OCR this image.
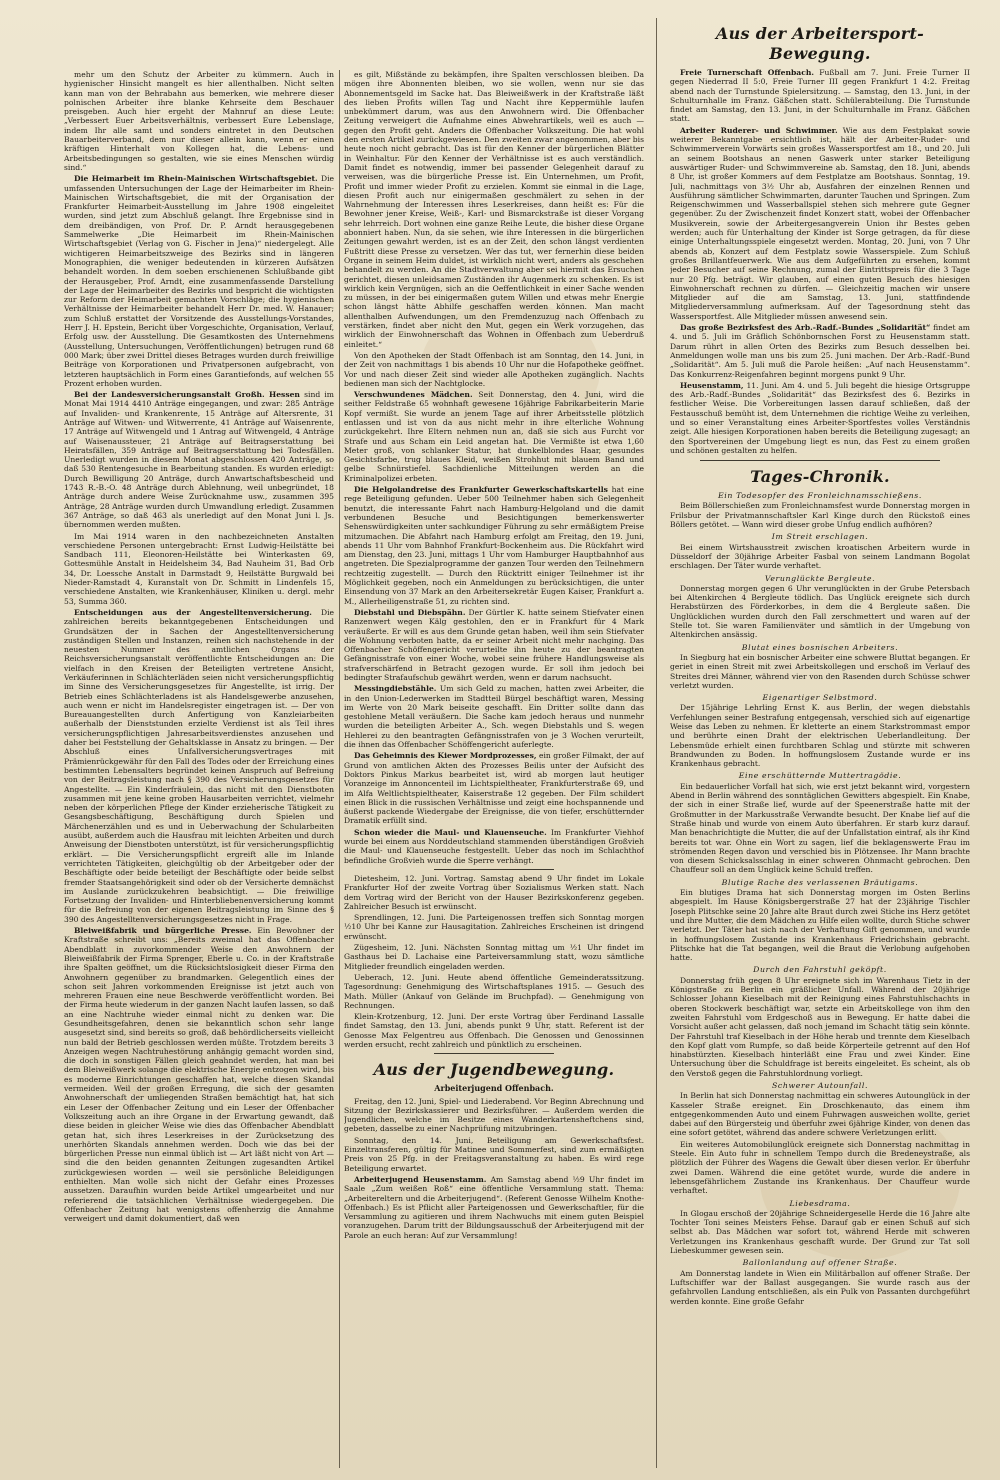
mehr um den Schutz der Arbeiter zu kümmern. Auch in hygienischer Hinsicht mangelt es hier allenthalben. Nicht selten kann man von der Behrabahn aus bemerken, wie mehrere dieser polnischen Arbeiter ihre blanke Kehrseite dem Beschauer preisgeben. Auch hier ergeht der Mahnruf an diese Leute: „Verbessert Euer Arbeitsverhältnis, verbessert Eure Lebenslage, indem Ihr alle samt und sonders eintretet in den Deutschen Bauarbeiterverband, dem nur dieser allein kann, wenn er einen kräftigen Hinterhalt von Kollegen hat, die Lebens- und Arbeitsbedingungen so gestalten, wie sie eines Menschen würdig sind.“

Die Heimarbeit im Rhein-Mainischen Wirtschaftsgebiet. Die umfassenden Untersuchungen der Lage der Heimarbeiter im Rhein-Mainischen Wirtschaftsgebiet, die mit der Organisation der Frankfurter Heimarbeit-Ausstellung im Jahre 1908 eingeleitet wurden, sind jetzt zum Abschluß gelangt. Ihre Ergebnisse sind in dem dreibändigen, von Prof. Dr. P. Arndt herausgegebenen Sammelwerke „Die Heimarbeit im Rhein-Mainischen Wirtschaftsgebiet (Verlag von G. Fischer in Jena)“ niedergelegt. Alle wichtigeren Heimarbeitszweige des Bezirks sind in längeren Monographien, die weniger bedeutenden in kürzeren Aufsätzen behandelt worden. In dem soeben erschienenen Schlußbande gibt der Herausgeber, Prof. Arndt, eine zusammenfassende Darstellung der Lage der Heimarbeiter des Bezirks und bespricht die wichtigsten zur Reform der Heimarbeit gemachten Vorschläge; die hygienischen Verhältnisse der Heimarbeiter behandelt Herr Dr. med. W. Hanauer; zum Schluß erstattet der Vorsitzende des Ausstellungs-Vorstandes, Herr J. H. Epstein, Bericht über Vorgeschichte, Organisation, Verlauf, Erfolg usw. der Ausstellung. Die Gesamtkosten des Unternehmens (Ausstellung, Untersuchungen, Veröffentlichungen) betrugen rund 68 000 Mark; über zwei Drittel dieses Betrages wurden durch freiwillige Beiträge von Korporationen und Privatpersonen aufgebracht, von letzteren hauptsächlich in Form eines Garantiefonds, auf welchen 55 Prozent erhoben wurden.

Bei der Landesversicherungsanstalt Großh. Hessen sind im Monat Mai 1914 4410 Anträge eingegangen, und zwar: 285 Anträge auf Invaliden- und Krankenrente, 15 Anträge auf Altersrente, 31 Anträge auf Witwen- und Witwerrente, 41 Anträge auf Waisenrente, 17 Anträge auf Witwengeld und 1 Antrag auf Witwengeld, 4 Anträge auf Waisenaussteuer, 21 Anträge auf Beitragserstattung bei Heiratsfällen, 359 Anträge auf Beitragserstattung bei Todesfällen. Unerledigt wurden in diesem Monat abgeschlossen 420 Anträge, so daß 530 Rentengesuche in Bearbeitung standen. Es wurden erledigt: Durch Bewilligung 20 Anträge, durch Anwartschaftsbescheid und 1743 R.-B.-O. 48 Anträge durch Ablehnung, weil unbegründet, 18 Anträge durch andere Weise Zurücknahme usw., zusammen 395 Anträge, 28 Anträge wurden durch Umwandlung erledigt. Zusammen 367 Anträge, so daß 463 als unerledigt auf den Monat Juni l. Js. übernommen werden mußten.

Im Mai 1914 waren in den nachbezeichneten Anstalten verschiedene Personen untergebracht: Ernst Ludwig-Heilstätte bei Sandbach 111, Eleonoren-Heilstätte bei Winterkasten 69, Gottesmühle Anstalt in Heidelsheim 34, Bad Nauheim 31, Bad Orb 34, Dr. Loessche Anstalt in Darmstadt 9, Heilstätte Burgwald bei Nieder-Ramstadt 4, Kuranstalt von Dr. Schmitt in Lindenfels 15, verschiedene Anstalten, wie Krankenhäuser, Kliniken u. dergl. mehr 53, Summa 360.

Entscheidungen aus der Angestelltenversicherung. Die zahlreichen bereits bekanntgegebenen Entscheidungen und Grundsätzen der in Sachen der Angestelltenversicherung zuständigen Stellen und Instanzen, reihen sich nachstehende in der neuesten Nummer des amtlichen Organs der Reichsversicherungsanstalt veröffentlichte Entscheidungen an: Die vielfach in den Kreisen der Beteiligten vertretene Ansicht, Verkäuferinnen in Schlächterläden seien nicht versicherungspflichtig im Sinne des Versicherungsgesetzes für Angestellte, ist irrig. Der Betrieb eines Schlächterladens ist als Handelsgewerbe anzusehen, auch wenn er nicht im Handelsregister eingetragen ist. — Der von Bureauangestellten durch Anfertigung von Kanzleiarbeiten außerhalb der Dienststunden erzielte Verdienst ist als Teil ihres versicherungspflichtigen Jahresarbeitsverdienstes anzusehen und daher bei Feststellung der Gehaltsklasse in Ansatz zu bringen. — Der Abschluß eines Unfallversicherungsvertrages mit Prämienrückgewähr für den Fall des Todes oder der Erreichung eines bestimmten Lebensalters begründet keinen Anspruch auf Befreiung von der Beitragsleistung nach § 390 des Versicherungsgesetzes für Angestellte. — Ein Kinderfräulein, das nicht mit den Dienstboten zusammen mit jene keine groben Hausarbeiten verrichtet, vielmehr neben der körperlichen Pflege der Kinder erzieherische Tätigkeit zu Gesangsbeschäftigung, Beschäftigung durch Spielen und Märchenerzählen und es und in Ueberwachung der Schularbeiten ausübt, außerdem auch die Hausfrau mit leichten Arbeiten und durch Anweisung der Dienstboten unterstützt, ist für versicherungspflichtig erklärt. — Die Versicherungspflicht ergreift alle im Inlande verrichteten Tätigkeiten, gleichgültig ob der Arbeitgeber oder der Beschäftigte oder beide beteiligt der Beschäftigte oder beide selbst fremder Staatsangehörigkeit sind oder ob der Versicherte demnächst im Auslande zurückzukehren beabsichtigt. — Die freiwillige Fortsetzung der Invaliden- und Hinterbliebenenversicherung kommt für die Befreiung von der eigenen Beitragsleistung im Sinne des § 390 des Angestelltenversicherungsgesetzes nicht in Frage.

Bleiweißfabrik und bürgerliche Presse. Ein Bewohner der Kraftstraße schreibt uns: „Bereits zweimal hat das Offenbacher Abendblatt in zuvorkommender Weise den Anwohnern der Bleiweißfabrik der Firma Sprenger, Eberle u. Co. in der Kraftstraße ihre Spalten geöffnet, um die Rücksichtslosigkeit dieser Firma den Anwohnern gegenüber zu brandmarken. Gelegentlich eines der schon seit Jahren vorkommenden Ereignisse ist jetzt auch von mehreren Frauen eine neue Beschwerde veröffentlicht worden. Bei der Firma heute wiederum in der ganzen Nacht laufen lassen, so daß an eine Nachtruhe wieder einmal nicht zu denken war. Die Gesundheitsgefahren, denen sie bekanntlich schon sehr lange ausgesetzt sind, sind bereits so groß, daß behördlicherseits vielleicht nun bald der Betrieb geschlossen werden müßte. Trotzdem bereits 3 Anzeigen wegen Nachtruhestörung anhängig gemacht worden sind, die doch in sonstigen Fällen gleich geahndet werden, hat man bei dem Bleiweißwerk solange die elektrische Energie entzogen wird, bis es moderne Einrichtungen geschaffen hat, welche diesen Skandal vermeiden. Weil der großen Erregung, die sich der gesamten Anwohnerschaft der umliegenden Straßen bemächtigt hat, hat sich ein Leser der Offenbacher Zeitung und ein Leser der Offenbacher Volkszeitung auch an ihre Organe in der Erwartung gewandt, daß diese beiden in gleicher Weise wie dies das Offenbacher Abendblatt getan hat, sich ihres Leserkreises in der Zurücksetzung des unerhörten Skandals annehmen werden. Doch wie das bei der bürgerlichen Presse nun einmal üblich ist — Art läßt nicht von Art — sind die den beiden genannten Zeitungen zugesandten Artikel zurückgewiesen worden — weil sie persönliche Beleidigungen enthielten. Man wolle sich nicht der Gefahr eines Prozesses aussetzen. Daraufhin wurden beide Artikel umgearbeitet und nur referierend die tatsächlichen Verhältnisse wiedergegeben. Die Offenbacher Zeitung hat wenigstens offenherzig die Annahme verweigert und damit dokumentiert, daß wen

es gilt, Mißstände zu bekämpfen, ihre Spalten verschlossen bleiben. Da mögen ihre Abonnenten bleiben, wo sie wollen, wenn nur sie das Abonnementsgeld im Sacke hat. Das Bleiweißwerk in der Kraftstraße läßt des lieben Profits willen Tag und Nacht ihre Keppermühle laufen unbekümmert darum, was aus den Anwohnern wird. Die Offenbacher Zeitung verweigert die Aufnahme eines Abwehrartikels, weil es auch — gegen den Profit geht. Anders die Offenbacher Volkszeitung. Die hat wohl den ersten Artikel zurückgewiesen. Den zweiten zwar angenommen, aber bis heute noch nicht gebracht. Das ist für den Kenner der bürgerlichen Blätter in Weinhaltur. Für den Kenner der Verhältnisse ist es auch verständlich. Damit findet es notwendig, immer bei passender Gelegenheit darauf zu verweisen, was die bürgerliche Presse ist. Ein Unternehmen, um Profit, Profit und immer wieder Profit zu erzielen. Kommt sie einmal in die Lage, diesen Profit auch nur einigermaßen geschmälert zu sehen in der Wahrnehmung der Interessen ihres Leserkreises, dann heißt es: Für die Bewohner jener Kreise, Weiß-, Karl- und Bismarckstraße ist dieser Vorgang sehr lehrreich. Dort wohnen eine ganze Reihe Leute, die bisher diese Organe abonniert haben. Nun, da sie sehen, wie ihre Interessen in die bürgerlichen Zeitungen gewahrt werden, ist es an der Zeit, den schon längst verdienten Fußtritt diese Presse zu versetzen. Wer das tut, wer fernerhin diese beiden Organe in seinem Heim duldet, ist wirklich nicht wert, anders als geschehen behandelt zu werden. An die Stadtverwaltung aber sei hiermit das Ersuchen gerichtet, diesen unleidsamen Zuständen ihr Augenmerk zu schenken. Es ist wirklich kein Vergnügen, sich an die Oeffentlichkeit in einer Sache wenden zu müssen, in der bei einigermaßen gutem Willen und etwas mehr Energie schon längst hätte Abhilfe geschaffen werden können. Man macht allenthalben Aufwendungen, um den Fremdenzuzug nach Offenbach zu verstärken, findet aber nicht den Mut, gegen ein Werk vorzugehen, das wirklich der Einwohnerschaft das Wohnen in Offenbach zum Ueberdruß einleitet.“

Von den Apotheken der Stadt Offenbach ist am Sonntag, den 14. Juni, in der Zeit von nachmittags 1 bis abends 10 Uhr nur die Hofapotheke geöffnet. Vor und nach dieser Zeit sind wieder alle Apotheken zugänglich. Nachts bedienen man sich der Nachtglocke.

Verschwundenes Mädchen. Seit Donnerstag, den 4. Juni, wird die seither Feldstraße 65 wohnhaft gewesene 16jährige Fabrikarbeiterin Marie Kopf vermißt. Sie wurde an jenem Tage auf ihrer Arbeitsstelle plötzlich entlassen und ist von da aus nicht mehr in ihre elterliche Wohnung zurückgekehrt. Ihre Eltern nehmen nun an, daß sie sich aus Furcht vor Strafe und aus Scham ein Leid angetan hat. Die Vermißte ist etwa 1,60 Meter groß, von schlanker Statur, hat dunkelblondes Haar, gesundes Gesichtsfarbe, trug blaues Kleid, weißen Strohhut mit blauem Band und gelbe Schnürstiefel. Sachdienliche Mitteilungen werden an die Kriminalpolizei erbeten.

Die Helgolandreise des Frankfurter Gewerkschaftskartells hat eine rege Beteiligung gefunden. Ueber 500 Teilnehmer haben sich Gelegenheit benutzt, die interessante Fahrt nach Hamburg-Helgoland und die damit verbundenen Besuche und Besichtigungen bemerkenswerter Sehenswürdigkeiten unter sachkundiger Führung zu sehr ermäßigtem Preise mitzumachen. Die Abfahrt nach Hamburg erfolgt am Freitag, den 19. Juni, abends 11 Uhr vom Bahnhof Frankfurt-Bockenheim aus. Die Rückfahrt wird am Dienstag, den 23. Juni, mittags 1 Uhr vom Hamburger Hauptbahnhof aus angetreten. Die Spezialprogramme der ganzen Tour werden den Teilnehmern rechtzeitig zugestellt. — Durch den Rücktritt einiger Teilnehmer ist ihr Möglichkeit gegeben, noch ein Anmeldungen zu berücksichtigen, die unter Einsendung von 37 Mark an den Arbeitersekretär Eugen Kaiser, Frankfurt a. M., Allerheiligenstraße 51, zu richten sind.

Diebstahl und Diebspähn. Der Gürtler K. hatte seinem Stiefvater einen Ranzenwert wegen Kälg gestohlen, den er in Frankfurt für 4 Mark veräußerte. Er will es aus dem Grunde getan haben, weil ihm sein Stiefvater die Wohnung verboten hatte, da er seiner Arbeit nicht mehr nachging. Das Offenbacher Schöffengericht verurteilte ihn heute zu der beantragten Gefängnisstrafe von einer Woche, wobei seine frühere Handlungsweise als strafverschärfend in Betracht gezogen wurde. Er soll ihm jedoch bei bedingter Strafaufschub gewährt werden, wenn er darum nachsucht.

Messingdiebstähle. Um sich Geld zu machen, hatten zwei Arbeiter, die in den Union-Lederwerken im Stadtteil Bürgel beschäftigt waren, Messing im Werte von 20 Mark beiseite geschafft. Ein Dritter sollte dann das gestohlene Metall veräußern. Die Sache kam jedoch heraus und nunmehr wurden die beteiligten Arbeiter A., Sch. wegen Diebstahls und S. wegen Hehlerei zu den beantragten Gefängnisstrafen von je 3 Wochen verurteilt, die ihnen das Offenbacher Schöffengericht auferlegte.

Das Geheimnis des Kiewer Mordprozesses, ein großer Filmakt, der auf Grund von amtlichen Akten des Prozesses Beilis unter der Aufsicht des Doktors Pinkus Markus bearbeitet ist, wird ab morgen laut heutiger Voranzeige im Annoncenteil im Lichtspieltheater, Frankfurterstraße 69, und im Alfa Weltlichtspieltheater, Kaiserstraße 12 gegeben. Der Film schildert einen Blick in die russischen Verhältnisse und zeigt eine hochspannende und äußerst packende Wiedergabe der Ereignisse, die von tiefer, erschütternder Dramatik erfüllt sind.

Schon wieder die Maul- und Klauenseuche. Im Frankfurter Viehhof wurde bei einem aus Norddeutschland stammenden überständigen Großvieh die Maul- und Klauenseuche festgestellt. Ueber das noch im Schlachthof befindliche Großvieh wurde die Sperre verhängt.

Dietesheim, 12. Juni. Vortrag. Samstag abend 9 Uhr findet im Lokale Frankfurter Hof der zweite Vortrag über Sozialismus Werken statt. Nach dem Vortrag wird der Bericht von der Hauser Bezirkskonferenz gegeben. Zahlreicher Besuch ist erwünscht.

Sprendlingen, 12. Juni. Die Parteigenossen treffen sich Sonntag morgen ½10 Uhr bei Kanne zur Hausagitation. Zahlreiches Erscheinen ist dringend erwünscht.

Zügesheim, 12. Juni. Nächsten Sonntag mittag um ½1 Uhr findet im Gasthaus bei D. Lachaise eine Parteiversammlung statt, wozu sämtliche Mitglieder freundlich eingeladen werden.

Ueberach, 12. Juni. Heute abend öffentliche Gemeinderatssitzung. Tagesordnung: Genehmigung des Wirtschaftsplanes 1915. — Gesuch des Math. Müller (Ankauf von Gelände im Bruchpfad). — Genehmigung von Rechnungen.

Klein-Krotzenburg, 12. Juni. Der erste Vortrag über Ferdinand Lassalle findet Samstag, den 13. Juni, abends punkt 9 Uhr, statt. Referent ist der Genosse Max Felgentreu aus Offenbach. Die Genossen und Genossinnen werden ersucht, recht zahlreich und pünktlich zu erscheinen.

Aus der Jugendbewegung.
Arbeiterjugend Offenbach.

Freitag, den 12. Juni, Spiel- und Liederabend. Vor Beginn Abrechnung und Sitzung der Bezirkskassierer und Bezirksführer. — Außerdem werden die Jugendlichen, welche im Besitze eines Wanderkartensheftchens sind, gebeten, dasselbe zu einer Nachprüfung mitzubringen.

Sonntag, den 14. Juni, Beteiligung am Gewerkschaftsfest. Einzeltransferen, gültig für Matinee und Sommerfest, sind zum ermäßigten Preis von 25 Pfg. in der Freitagsveranstaltung zu haben. Es wird rege Beteiligung erwartet.

Arbeiterjugend Heusenstamm. Am Samstag abend ½9 Uhr findet im Saale „Zum weißen Roß“ eine öffentliche Versammlung statt. Thema: „Arbeitereltern und die Arbeiterjugend“. (Referent Genosse Wilhelm Knothe-Offenbach.) Es ist Pflicht aller Parteigenossen und Gewerkschaftler, für die Versammlung zu agitieren und ihrem Nachwuchs mit einem guten Beispiel voranzugehen. Darum tritt der Bildungsausschuß der Arbeiterjugend mit der Parole an euch heran: Auf zur Versammlung!

Aus der Arbeitersport-Bewegung.

Freie Turnerschaft Offenbach. Fußball am 7. Juni. Freie Turner II gegen Niederrad II 5:0, Freie Turner III gegen Frankfurt 1 4:2. Freitag abend nach der Turnstunde Spielersitzung. — Samstag, den 13. Juni, in der Schulturnhalle im Franz. Gäßchen statt. Schülerabteilung. Die Turnstunde findet am Samstag, den 13. Juni, in der Schulturnhalle im Franz. Gäßchen statt.

Arbeiter Ruderer- und Schwimmer. Wie aus dem Festplakat sowie weiterer Bekanntgabe ersichtlich ist, hält der Arbeiter-Ruder- und Schwimmerverein Vorwärts sein großes Wassersportfest am 18., und 20. Juli an seinem Bootshaus an nenen Gaswerk unter starker Beteiligung auswärtiger Ruder- und Schwimmvereine ab. Samstag, den 18. Juni, abends 8 Uhr, ist großer Kommers auf dem Festplatze am Bootshaus. Sonntag, 19. Juli, nachmittags von 3½ Uhr ab, Ausfahren der einzelnen Rennen und Ausführung sämtlicher Schwimmarten, darunter Tauchen und Springen. Zum Reigenschwimmen und Wasserballspiel stehen sich mehrere gute Gegner gegenüber. Zu der Zwischenzeit findet Konzert statt, wobei der Offenbacher Musikverein, sowie der Arbeitergesangverein Union ihr Bestes geben werden; auch für Unterhaltung der Kinder ist Sorge getragen, da für diese einige Unterhaltungsspiele eingesetzt werden. Montag, 20. Juni, von 7 Uhr abends ab, Konzert auf dem Festplatz sowie Wasserspiele. Zum Schluß großes Brillantfeuerwerk. Wie aus dem Aufgeführten zu ersehen, kommt jeder Besucher auf seine Rechnung, zumal der Eintrittspreis für die 3 Tage nur 20 Pfg. beträgt. Wir glauben, auf einen guten Besuch des hiesigen Einwohnerschaft rechnen zu dürfen. — Gleichzeitig machen wir unsere Mitglieder auf die am Samstag, 13. Juni, stattfindende Mitgliederversammlung aufmerksam. Auf der Tagesordnung steht das Wassersportfest. Alle Mitglieder müssen anwesend sein.

Das große Bezirksfest des Arb.-Radf.-Bundes „Solidarität“ findet am 4. und 5. Juli im Gräflich Schönbornschen Forst zu Heusenstamm statt. Darum rührt in allen Orten des Bezirks zum Besuch desselben bei. Anmeldungen wolle man uns bis zum 25. Juni machen. Der Arb.-Radf.-Bund „Solidarität“. Am 5. Juli muß die Parole heißen: „Auf nach Heusenstamm“. Das Konkurrenz-Reigenfahren beginnt morgens punkt 9 Uhr.

Heusenstamm, 11. Juni. Am 4. und 5. Juli begeht die hiesige Ortsgruppe des Arb.-Radf.-Bundes „Solidarität“ das Bezirksfest des 6. Bezirks in festlicher Weise. Die Vorbereitungen lassen darauf schließen, daß der Festausschuß bemüht ist, dem Unternehmen die richtige Weihe zu verleihen, und so einer Veranstaltung eines Arbeiter-Sportfestes volles Verständnis zeigt. Alle hiesigen Korporationen haben bereits die Beteiligung zugesagt; an den Sportvereinen der Umgebung liegt es nun, das Fest zu einem großen und schönen gestalten zu helfen.

Tages-Chronik.
Ein Todesopfer des Fronleichnamsschießens.

Beim Böllerschießen zum Fronleichnamsfest wurde Donnerstag morgen in Frilsbur der Privatmannschaftsler Karl Kinge durch den Rückstoß eines Böllers getötet. — Wann wird dieser grobe Unfug endlich aufhören?

Im Streit erschlagen.

Bei einem Wirtshausstreit zwischen kroatischen Arbeitern wurde in Düsseldorf der 30jährige Arbeiter Fasbal von seinem Landmann Bogolat erschlagen. Der Täter wurde verhaftet.

Verunglückte Bergleute.

Donnerstag morgen gegen 6 Uhr verunglückten in der Grube Petersbach bei Altenkirchen 4 Bergleute tödlich. Das Unglück ereignete sich durch Herabstürzen des Förderkorbes, in dem die 4 Bergleute saßen. Die Unglücklichen wurden durch den Fall zerschmettert und waren auf der Stelle tot. Sie waren Familienväter und sämtlich in der Umgebung von Altenkirchen ansässig.

Blutat eines bosnischen Arbeiters.

In Siegburg hat ein bosnischer Arbeiter eine schwere Bluttat begangen. Er geriet in einen Streit mit zwei Arbeitskollegen und erschoß im Verlauf des Streites drei Männer, während vier von den Rasenden durch Schüsse schwer verletzt wurden.

Eigenartiger Selbstmord.

Der 15jährige Lehrling Ernst K. aus Berlin, der wegen diebstahls Verfehlungen seiner Bestrafung entgegensah, verschied sich auf eigenartige Weise das Leben zu nehmen. Er kletterte an einem Starkstrommast empor und berührte einen Draht der elektrischen Ueberlandleitung. Der Lebensmüde erhielt einen furchtbaren Schlag und stürzte mit schweren Brandwunden zu Boden. In hoffnungslosem Zustande wurde er ins Krankenhaus gebracht.

Eine erschütternde Muttertragödie.

Ein bedauerlicher Vorfall hat sich, wie erst jetzt bekannt wird, vorgestern Abend in Berlin während des sonntäglichen Gewitters abgespielt. Ein Knabe, der sich in einer Straße lief, wurde auf der Speenerstraße hatte mit der Großmutter in der Markusstraße Verwandte besucht. Der Knabe lief auf die Straße hinab und wurde von einem Auto überfahren. Er starb kurz darauf. Man benachrichtigte die Mutter, die auf der Unfallstation eintraf, als ihr Kind bereits tot war. Ohne ein Wort zu sagen, lief die beklagenswerte Frau im strömenden Regen davon und verschied bis in Plötzensee. Ihr Mann brachte von diesem Schicksalsschlag in einer schweren Ohnmacht gebrochen. Den Chauffeur soll an dem Unglück keine Schuld treffen.

Blutige Rache des verlassenen Bräutigams.

Ein blutiges Drama hat sich Donnerstag morgen im Osten Berlins abgespielt. Im Hause Königsbergerstraße 27 hat der 23jährige Tischler Joseph Plitschke seine 20 Jahre alte Braut durch zwei Stiche ins Herz getötet und ihre Mutter, die dem Mädchen zu Hilfe eilen wollte, durch Stiche schwer verletzt. Der Täter hat sich nach der Verhaftung Gift genommen, und wurde in hoffnungslosem Zustande ins Krankenhaus Friedrichshain gebracht. Plitschke hat die Tat begangen, weil die Braut die Verlobung aufgehoben hatte.

Durch den Fahrstuhl geköpft.

Donnerstag früh gegen 8 Uhr ereignete sich im Warenhaus Tietz in der Königstraße zu Berlin ein gräßlicher Unfall. Während der 20jährige Schlosser Johann Kieselbach mit der Reinigung eines Fahrstuhlschachts in oberen Stockwerk beschäftigt war, setzte ein Arbeitskollege von ihm den zweiten Fahrstuhl vom Erdgeschoß aus in Bewegung. Er hatte dabei die Vorsicht außer acht gelassen, daß noch jemand im Schacht tätig sein könnte. Der Fahrstuhl traf Kieselbach in der Höhe herab und trennte dem Kieselbach den Kopf glatt vom Rumpfe, so daß beide Körperteile getrennt auf den Hof hinabstürzten. Kieselbach hinterläßt eine Frau und zwei Kinder. Eine Untersuchung über die Schuldfrage ist bereits eingeleitet. Es scheint, als ob den Verstoß gegen die Fahrstuhlordnung vorliegt.

Schwerer Autounfall.

In Berlin hat sich Donnerstag nachmittag ein schweres Autounglück in der Kasseler Straße ereignet. Ein Droschkenauto, das einem ihm entgegenkommenden Auto und einem Fuhrwagen ausweichen wollte, geriet dabei auf den Bürgersteig und überfuhr zwei 6jährige Kinder, von denen das eine sofort getötet, während das andere schwere Verletzungen erlitt.

Ein weiteres Automobilunglück ereignete sich Donnerstag nachmittag in Steele. Ein Auto fuhr in schnellem Tempo durch die Bredeneystraße, als plötzlich der Führer des Wagens die Gewalt über diesen verlor. Er überfuhr zwei Damen. Während die eine getötet wurde, wurde die andere in lebensgefährlichem Zustande ins Krankenhaus. Der Chauffeur wurde verhaftet.

Liebesdrama.

In Glogau erschoß der 20jährige Schneidergeselle Herde die 16 Jahre alte Tochter Toni seines Meisters Fehse. Darauf gab er einen Schuß auf sich selbst ab. Das Mädchen war sofort tot, während Herde mit schweren Verletzungen ins Krankenhaus geschafft wurde. Der Grund zur Tat soll Liebeskummer gewesen sein.

Ballonlandung auf offener Straße.

Am Donnerstag landete in Wien ein Militärballon auf offener Straße. Der Luftschiffer war der Ballast ausgegangen. Sie wurde rasch aus der gefahrvollen Landung entschließen, als ein Pulk von Passanten durchgeführt werden konnte. Eine große Gefahr
